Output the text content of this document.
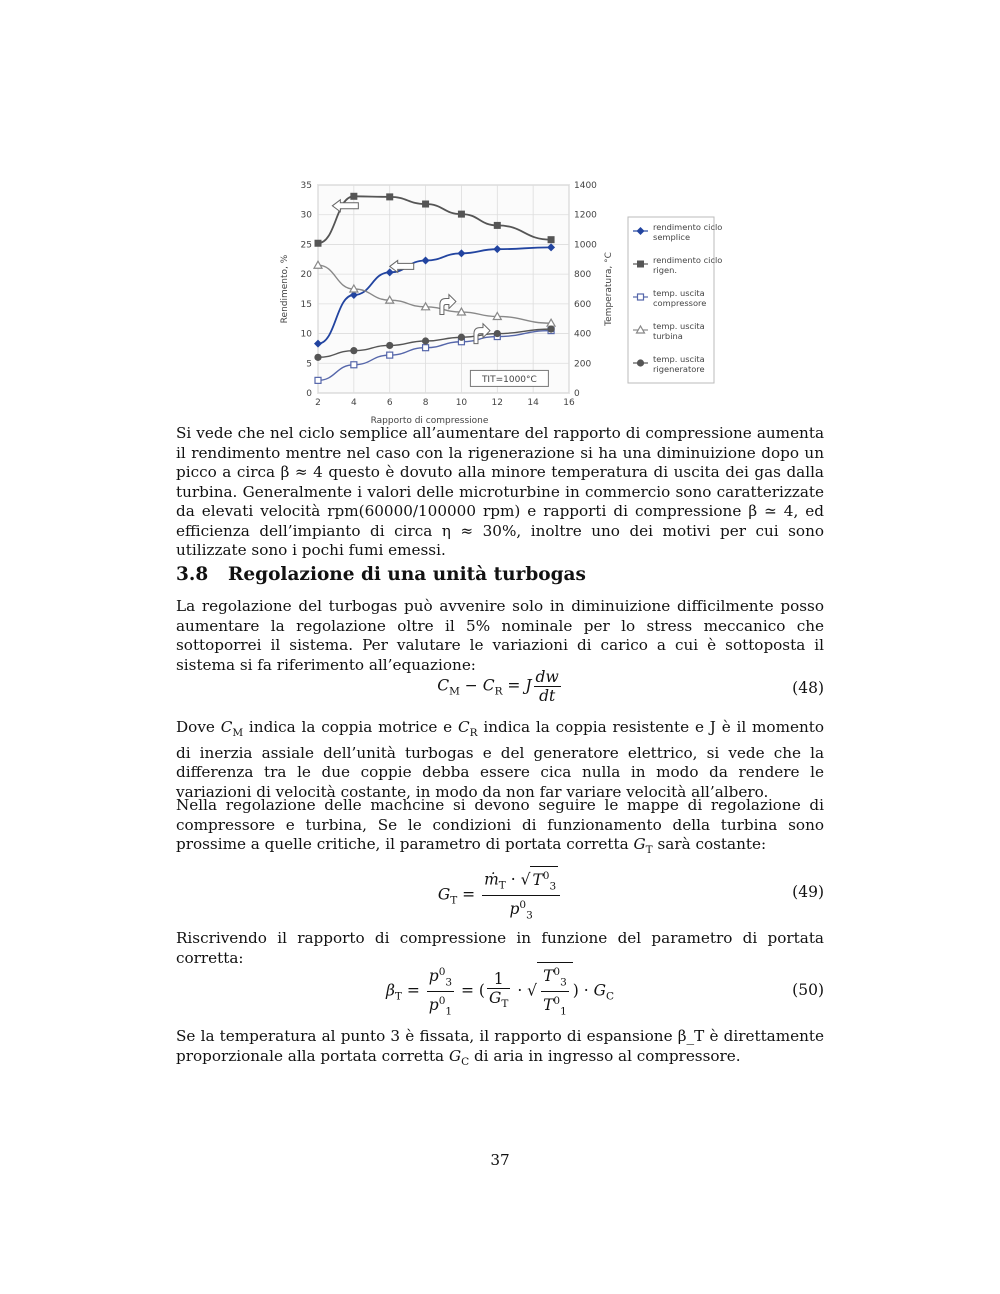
2	4	6	8	10	12	14	16
0
5
10
15
20
25
30
35
0
200
400
600
800
1000
1200
1400
Rapporto di compressione
Rendimento, %	Temperatura, °C
TIT=1000°C
rendimento ciclo
semplice
rendimento ciclo
rigen.
temp. uscita
compressore
temp. uscita
turbina
temp. uscita
rigeneratore

Si vede che nel ciclo semplice all’aumentare del rapporto di compressione aumenta il rendimento mentre nel caso con la rigenerazione si ha una diminuizione dopo un picco a circa β ≈ 4 questo è dovuto alla minore temperatura di uscita dei gas dalla turbina. Generalmente i valori delle microturbine in commercio sono caratterizzate da elevati velocità rpm(60000/100000 rpm) e rapporti di compressione β ≃ 4, ed efficienza dell’impianto di circa η ≈ 30%, inoltre uno dei motivi per cui sono utilizzate sono i pochi fumi emessi.

3.8 Regolazione di una unità turbogas

La regolazione del turbogas può avvenire solo in diminuizione difficilmente posso aumentare la regolazione oltre il 5% nominale per lo stress meccanico che sottoporrei il sistema. Per valutare le variazioni di carico a cui è sottoposta il sistema si fa riferimento all’equazione:

$C_M - C_R = J \frac{dw}{dt}$	(48)

Dove $C_M$ indica la coppia motrice e $C_R$ indica la coppia resistente e J è il momento di inerzia assiale dell’unità turbogas e del generatore elettrico, si vede che la differenza tra le due coppie debba essere cica nulla in modo da rendere le variazioni di velocità costante, in modo da non far variare velocità all’albero.

Nella regolazione delle machcine si devono seguire le mappe di regolazione di compressore e turbina, Se le condizioni di funzionamento della turbina sono prossime a quelle critiche, il parametro di portata corretta $G_T$ sarà costante:

$G_T = \frac{ṁ_T \cdot √ T^0_3}{p^0_3}$	(49)

Riscrivendo il rapporto di compressione in funzione del parametro di portata corretta:

$\beta_T = \frac{p^0_3}{p^0_1}$ = ( $\frac{1}{G_T}$ · √ $\frac{T^0_3}{T^0_1}$ ) · $G_C$	(50)

Se la temperatura al punto 3 è fissata, il rapporto di espansione β_T è direttamente proporzionale alla portata corretta $G_C$ di aria in ingresso al compressore.

37
